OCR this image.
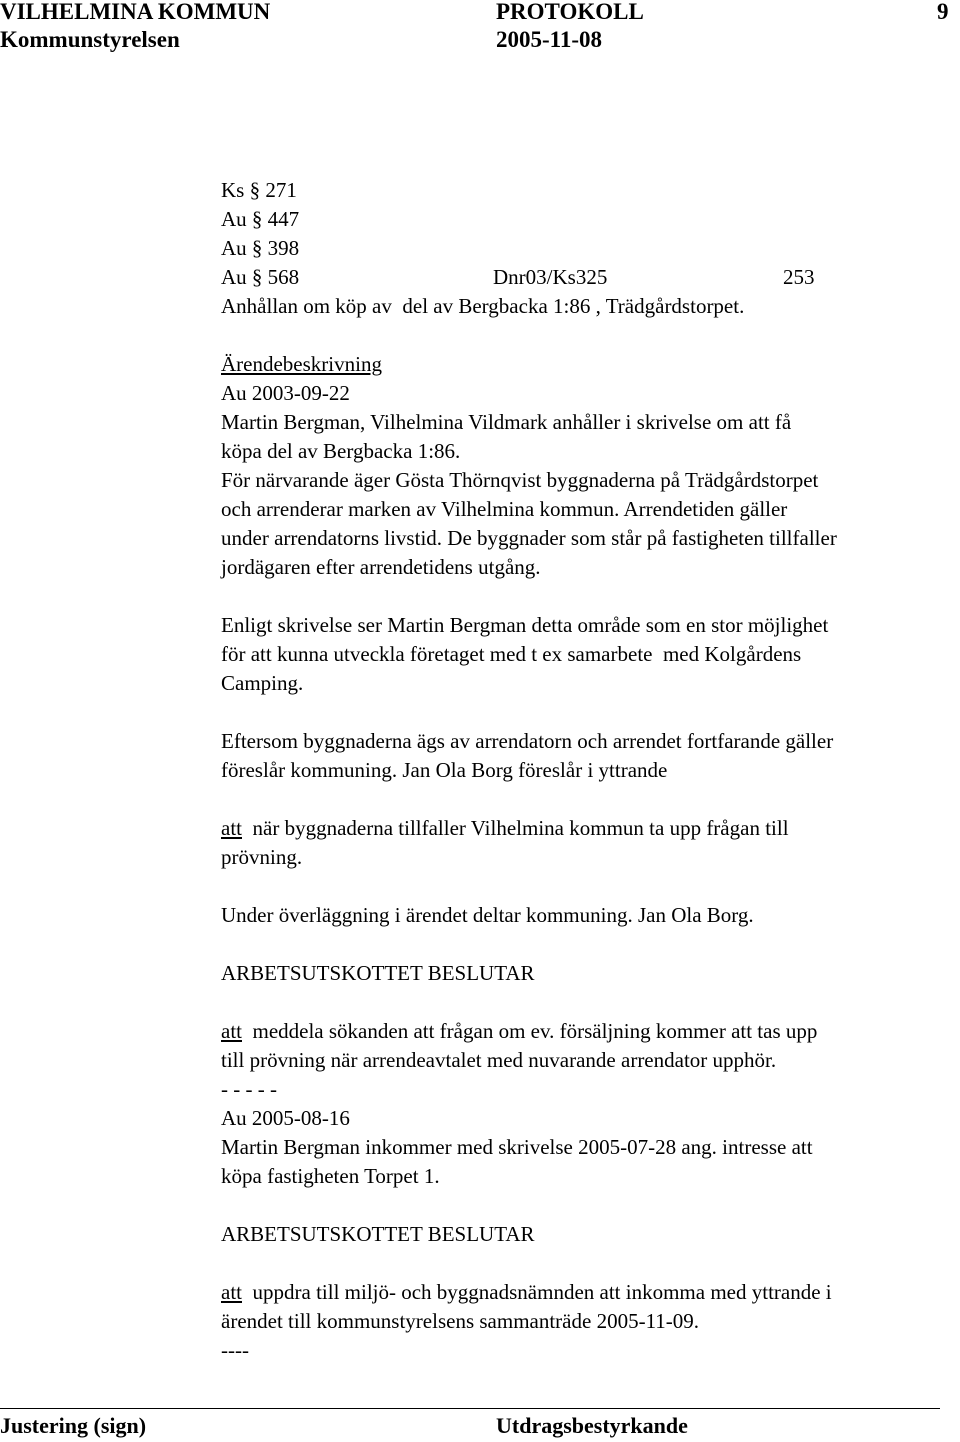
VILHELMINA KOMMUN	PROTOKOLL	9
Kommunstyrelsen	2005-11-08
Ks § 271
Au § 447
Au § 398
Au § 568	Dnr03/Ks325	253
Anhållan om köp av  del av Bergbacka 1:86 , Trädgårdstorpet.
Ärendebeskrivning
Au 2003-09-22
Martin Bergman, Vilhelmina Vildmark anhåller i skrivelse om att få
köpa del av Bergbacka 1:86.
För närvarande äger Gösta Thörnqvist byggnaderna på Trädgårdstorpet
och arrenderar marken av Vilhelmina kommun. Arrendetiden gäller
under arrendatorns livstid. De byggnader som står på fastigheten tillfaller
jordägaren efter arrendetidens utgång.
Enligt skrivelse ser Martin Bergman detta område som en stor möjlighet
för att kunna utveckla företaget med t ex samarbete  med Kolgårdens
Camping.
Eftersom byggnaderna ägs av arrendatorn och arrendet fortfarande gäller
föreslår kommuning. Jan Ola Borg föreslår i yttrande
att  när byggnaderna tillfaller Vilhelmina kommun ta upp frågan till
prövning.
Under överläggning i ärendet deltar kommuning. Jan Ola Borg.
ARBETSUTSKOTTET BESLUTAR
att  meddela sökanden att frågan om ev. försäljning kommer att tas upp
till prövning när arrendeavtalet med nuvarande arrendator upphör.
- - - - -
Au 2005-08-16
Martin Bergman inkommer med skrivelse 2005-07-28 ang. intresse att
köpa fastigheten Torpet 1.
ARBETSUTSKOTTET BESLUTAR
att  uppdra till miljö- och byggnadsnämnden att inkomma med yttrande i
ärendet till kommunstyrelsens sammanträde 2005-11-09.
----
Justering (sign)	Utdragsbestyrkande
